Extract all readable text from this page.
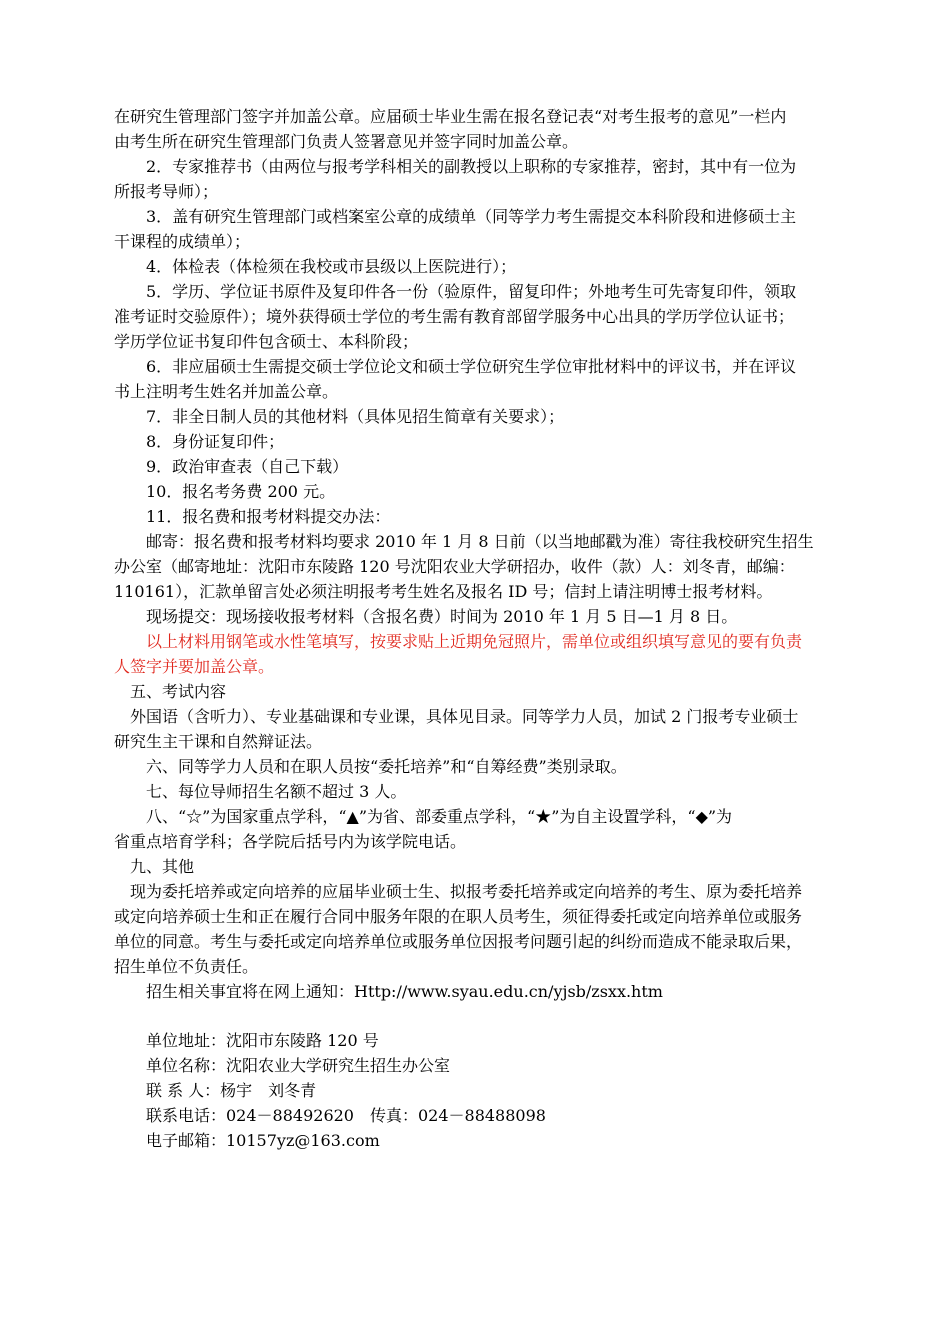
在研究生管理部门签字并加盖公章。应届硕士毕业生需在报名登记表“对考生报考的意见”一栏内
由考生所在研究生管理部门负责人签署意见并签字同时加盖公章。
2．专家推荐书（由两位与报考学科相关的副教授以上职称的专家推荐，密封，其中有一位为
所报考导师）；
3．盖有研究生管理部门或档案室公章的成绩单（同等学力考生需提交本科阶段和进修硕士主
干课程的成绩单）；
4．体检表（体检须在我校或市县级以上医院进行）；
5．学历、学位证书原件及复印件各一份（验原件，留复印件；外地考生可先寄复印件，领取
准考证时交验原件）；境外获得硕士学位的考生需有教育部留学服务中心出具的学历学位认证书；
学历学位证书复印件包含硕士、本科阶段；
6．非应届硕士生需提交硕士学位论文和硕士学位研究生学位审批材料中的评议书，并在评议
书上注明考生姓名并加盖公章。
7．非全日制人员的其他材料（具体见招生简章有关要求）；
8．身份证复印件；
9．政治审查表（自己下载）
10．报名考务费 200 元。
11．报名费和报考材料提交办法：
邮寄：报名费和报考材料均要求 2010 年 1 月 8 日前（以当地邮戳为准）寄往我校研究生招生
办公室（邮寄地址：沈阳市东陵路 120 号沈阳农业大学研招办，收件（款）人：刘冬青，邮编：
110161），汇款单留言处必须注明报考考生姓名及报名 ID 号；信封上请注明博士报考材料。
现场提交：现场接收报考材料（含报名费）时间为 2010 年 1 月 5 日—1 月 8 日。
以上材料用钢笔或水性笔填写，按要求贴上近期免冠照片，需单位或组织填写意见的要有负责
人签字并要加盖公章。
五、考试内容
外国语（含听力）、专业基础课和专业课，具体见目录。同等学力人员，加试 2 门报考专业硕士
研究生主干课和自然辩证法。
六、同等学力人员和在职人员按“委托培养”和“自筹经费”类别录取。
七、每位导师招生名额不超过 3 人。
八、“☆”为国家重点学科，“▲”为省、部委重点学科，“★”为自主设置学科，“◆”为
省重点培育学科；各学院后括号内为该学院电话。
九、其他
现为委托培养或定向培养的应届毕业硕士生、拟报考委托培养或定向培养的考生、原为委托培养
或定向培养硕士生和正在履行合同中服务年限的在职人员考生，须征得委托或定向培养单位或服务
单位的同意。考生与委托或定向培养单位或服务单位因报考问题引起的纠纷而造成不能录取后果，
招生单位不负责任。
招生相关事宜将在网上通知：Http://www.syau.edu.cn/yjsb/zsxx.htm
单位地址：沈阳市东陵路 120 号
单位名称：沈阳农业大学研究生招生办公室
联 系 人：杨宇　刘冬青
联系电话：024－88492620　传真：024－88488098
电子邮箱：10157yz@163.com
